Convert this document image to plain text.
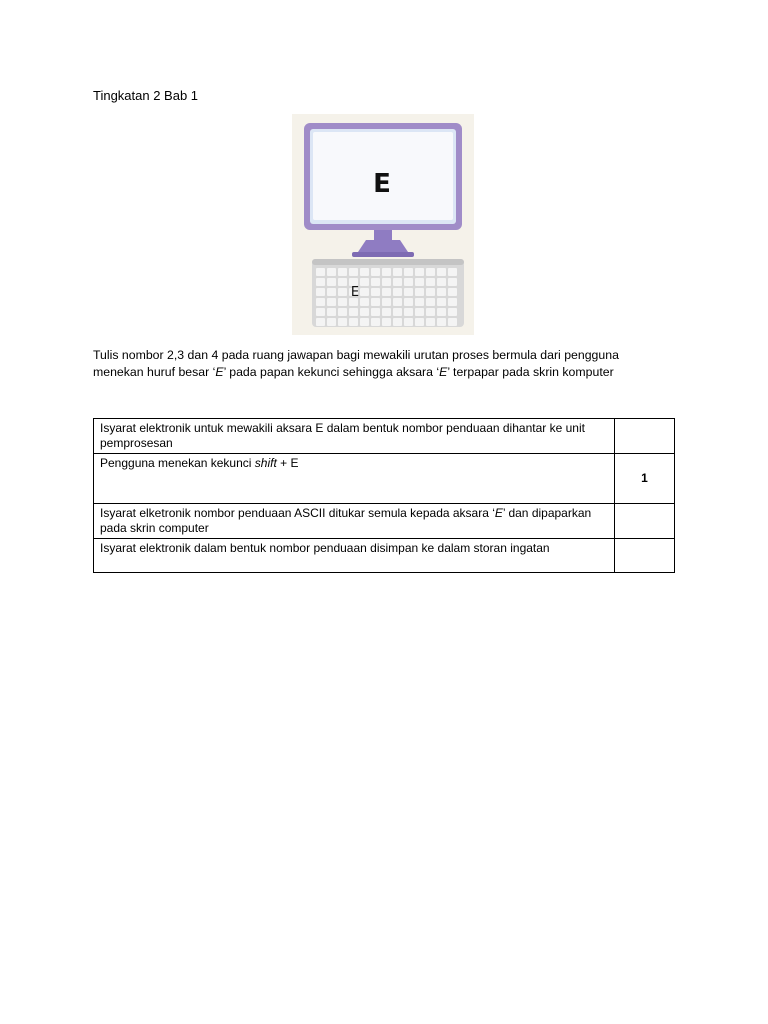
Tingkatan 2 Bab 1

E
E

Tulis nombor 2,3 dan 4 pada ruang jawapan bagi mewakili urutan proses bermula dari pengguna

menekan huruf besar ‘E’ pada papan kekunci sehingga aksara ‘E’ terpapar pada skrin komputer

Isyarat elektronik untuk mewakili aksara E dalam bentuk nombor penduaan dihantar ke unit pemprosesan	
Pengguna menekan kekunci shift + E	1
Isyarat elketronik nombor penduaan ASCII ditukar semula kepada aksara ‘E’ dan dipaparkan pada skrin computer	
Isyarat elektronik dalam bentuk nombor penduaan disimpan ke dalam storan ingatan	
